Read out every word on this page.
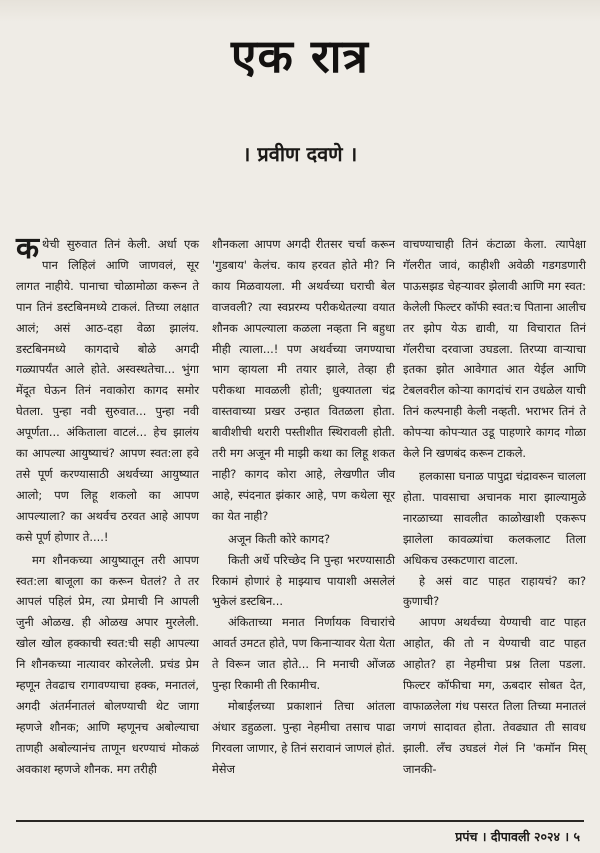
एक रात्र
। प्रवीण दवणे ।

कथेची सुरुवात तिनं केली. अर्धा एक पान लिहिलं आणि जाणवलं, सूर लागत नाहीये. पानाचा चोळामोळा करून ते पान तिनं डस्टबिनमध्ये टाकलं. तिच्या लक्षात आलं; असं आठ-दहा वेळा झालंय. डस्टबिनमध्ये कागदाचे बोळे अगदी गळ्यापर्यंत आले होते. अस्वस्थतेचा... भुंगा मेंदूत घेऊन तिनं नवाकोरा कागद समोर घेतला. पुन्हा नवी सुरुवात... पुन्हा नवी अपूर्णता... अंकिताला वाटलं... हेच झालंय का आपल्या आयुष्याचं? आपण स्वत:ला हवे तसे पूर्ण करण्यासाठी अथर्वच्या आयुष्यात आलो; पण लिहू शकलो का आपण आपल्याला? का अथर्वच ठरवत आहे आपण कसे पूर्ण होणार ते....!

मग शौनकच्या आयुष्यातून तरी आपण स्वत:ला बाजूला का करून घेतलं? ते तर आपलं पहिलं प्रेम, त्या प्रेमाची नि आपली जुनी ओळख. ही ओळख अपार मुरलेली. खोल खोल हक्काची स्वत:ची सही आपल्या नि शौनकच्या नात्यावर कोरलेली. प्रचंड प्रेम म्हणून तेवढाच रागावण्याचा हक्क, मनातलं, अगदी अंतर्मनातलं बोलण्याची थेट जागा म्हणजे शौनक; आणि म्हणूनच अबोल्याचा ताणही अबोल्यानंच ताणून धरण्याचं मोकळं अवकाश म्हणजे शौनक. मग तरीही

शौनकला आपण अगदी रीतसर चर्चा करून 'गुडबाय' केलंच. काय हरवत होते मी? नि काय मिळवायला. मी अथर्वच्या घराची बेल वाजवली? त्या स्वप्नरम्य परीकथेतल्या वयात शौनक आपल्याला कळला नव्हता नि बहुधा मीही त्याला...! पण अथर्वच्या जगण्याचा भाग व्हायला मी तयार झाले, तेव्हा ही परीकथा मावळली होती; धुक्यातला चंद्र वास्तवाच्या प्रखर उन्हात वितळला होता. बावीशीची थरारी पस्तीशीत स्थिरावली होती. तरी मग अजून मी माझी कथा का लिहू शकत नाही? कागद कोरा आहे, लेखणीत जीव आहे, स्पंदनात झंकार आहे, पण कथेला सूर का येत नाही?

अजून किती कोरे कागद?

किती अर्धे परिच्छेद नि पुन्हा भरण्यासाठी रिकामं होणारं हे माझ्याच पायाशी असलेलं भुकेलं डस्टबिन...

अंकिताच्या मनात निर्णायक विचारांचे आवर्त उमटत होते, पण किनाऱ्यावर येता येता ते विरून जात होते... नि मनाची ओंजळ पुन्हा रिकामी ती रिकामीच.

मोबाईलच्या प्रकाशानं तिचा आंतला अंधार डहुळला. पुन्हा नेहमीचा तसाच पाढा गिरवला जाणार, हे तिनं सरावानं जाणलं होतं. मेसेज

वाचण्याचाही तिनं कंटाळा केला. त्यापेक्षा गॅलरीत जावं, काहीशी अवेळी गडगडणारी पाऊसझड चेहऱ्यावर झेलावी आणि मग स्वत: केलेली फिल्टर कॉफी स्वत:च पिताना आलीच तर झोप येऊ द्यावी, या विचारात तिनं गॅलरीचा दरवाजा उघडला. तिरप्या वाऱ्याचा इतका झोत आवेगात आत येईल आणि टेबलवरील कोऱ्या कागदांचं रान उधळेल याची तिनं कल्पनाही केली नव्हती. भराभर तिनं ते कोपऱ्या कोपऱ्यात उडू पाहणारे कागद गोळा केले नि खणबंद करून टाकले.

हलकासा घनाळ पापुद्रा चंद्रावरून चालला होता. पावसाचा अचानक मारा झाल्यामुळे नारळाच्या सावलीत काळोखाशी एकरूप झालेला कावळ्यांचा कलकलाट तिला अधिकच उस्कटणारा वाटला.

हे असं वाट पाहत राहायचं? का? कुणाची?

आपण अथर्वच्या येण्याची वाट पाहत आहोत, की तो न येण्याची वाट पाहत आहोत? हा नेहमीचा प्रश्न तिला पडला. फिल्टर कॉफीचा मग, ऊबदार सोबत देत, वाफाळलेला गंध पसरत तिला तिच्या मनातलं जगणं सादावत होता. तेवढ्यात ती सावध झाली. लँच उघडलं गेलं नि 'कमॉन मिस् जानकी-

प्रपंच । दीपावली २०२४ । ५
